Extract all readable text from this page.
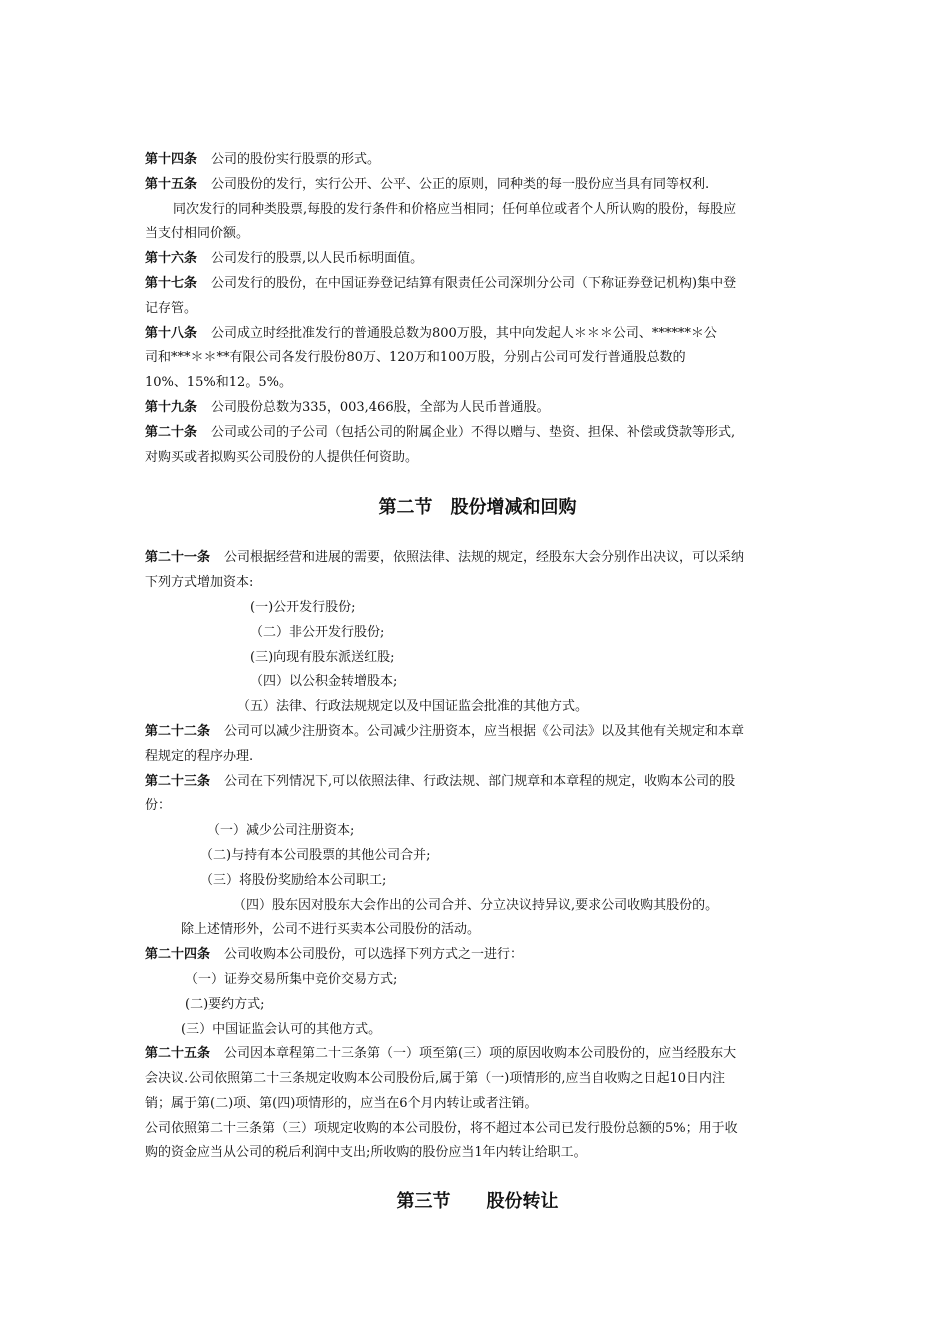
第十四条 公司的股份实行股票的形式。
第十五条 公司股份的发行，实行公开、公平、公正的原则，同种类的每一股份应当具有同等权利.
同次发行的同种类股票,每股的发行条件和价格应当相同；任何单位或者个人所认购的股份，每股应
当支付相同价额。
第十六条 公司发行的股票,以人民币标明面值。
第十七条 公司发行的股份，在中国证券登记结算有限责任公司深圳分公司（下称证券登记机构)集中登
记存管。
第十八条 公司成立时经批准发行的普通股总数为800万股，其中向发起人＊＊＊公司、******＊公
司和***＊＊**有限公司各发行股份80万、120万和100万股，分别占公司可发行普通股总数的
10%、15%和12。5%。
第十九条 公司股份总数为335，003,466股，全部为人民币普通股。
第二十条 公司或公司的子公司（包括公司的附属企业）不得以赠与、垫资、担保、补偿或贷款等形式,
对购买或者拟购买公司股份的人提供任何资助。
第二节　股份增减和回购
第二十一条 公司根据经营和进展的需要，依照法律、法规的规定，经股东大会分别作出决议，可以采纳
下列方式增加资本:
(一)公开发行股份;
（二）非公开发行股份;
(三)向现有股东派送红股;
（四）以公积金转增股本;
（五）法律、行政法规规定以及中国证监会批准的其他方式。
第二十二条 公司可以减少注册资本。公司减少注册资本，应当根据《公司法》以及其他有关规定和本章
程规定的程序办理.
第二十三条 公司在下列情况下,可以依照法律、行政法规、部门规章和本章程的规定，收购本公司的股
份：
（一）减少公司注册资本;
（二)与持有本公司股票的其他公司合并;
（三）将股份奖励给本公司职工;
（四）股东因对股东大会作出的公司合并、分立决议持异议,要求公司收购其股份的。
除上述情形外，公司不进行买卖本公司股份的活动。
第二十四条 公司收购本公司股份，可以选择下列方式之一进行：
（一）证券交易所集中竞价交易方式;
(二)要约方式;
(三）中国证监会认可的其他方式。
第二十五条 公司因本章程第二十三条第（一）项至第(三）项的原因收购本公司股份的，应当经股东大
会决议.公司依照第二十三条规定收购本公司股份后,属于第（一)项情形的,应当自收购之日起10日内注
销；属于第(二)项、第(四)项情形的，应当在6个月内转让或者注销。
公司依照第二十三条第（三）项规定收购的本公司股份，将不超过本公司已发行股份总额的5%；用于收
购的资金应当从公司的税后利润中支出;所收购的股份应当1年内转让给职工。
第三节　　股份转让
